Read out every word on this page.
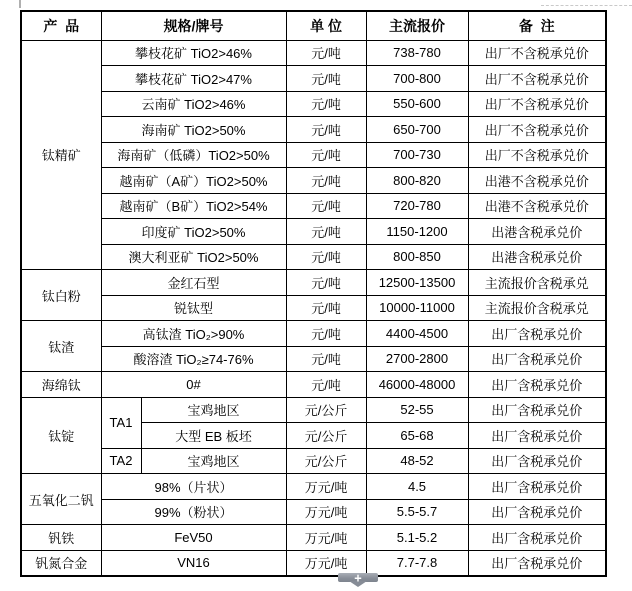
产  品	规格/牌号		单 位	主流报价	备  注
钛精矿	攀枝花矿 TiO2>46%		元/吨	738-780	出厂不含税承兑价
	攀枝花矿 TiO2>47%		元/吨	700-800	出厂不含税承兑价
	云南矿 TiO2>46%		元/吨	550-600	出厂不含税承兑价
	海南矿 TiO2>50%		元/吨	650-700	出厂不含税承兑价
	海南矿（低磷）TiO2>50%		元/吨	700-730	出厂不含税承兑价
	越南矿（A矿）TiO2>50%		元/吨	800-820	出港不含税承兑价
	越南矿（B矿）TiO2>54%		元/吨	720-780	出港不含税承兑价
	印度矿 TiO2>50%		元/吨	1150-1200	出港含税承兑价
	澳大利亚矿 TiO2>50%		元/吨	800-850	出港含税承兑价
钛白粉	金红石型		元/吨	12500-13500	主流报价含税承兑
	锐钛型		元/吨	10000-11000	主流报价含税承兑
钛渣	高钛渣 TiO₂>90%		元/吨	4400-4500	出厂含税承兑价
	酸溶渣 TiO₂≥74-76%		元/吨	2700-2800	出厂含税承兑价
海绵钛	0#		元/吨	46000-48000	出厂含税承兑价
钛锭	TA1	宝鸡地区	元/公斤	52-55	出厂含税承兑价
		大型 EB 板坯	元/公斤	65-68	出厂含税承兑价
	TA2	宝鸡地区	元/公斤	48-52	出厂含税承兑价
五氧化二钒	98%（片状）		万元/吨	4.5	出厂含税承兑价
	99%（粉状）		万元/吨	5.5-5.7	出厂含税承兑价
钒铁	FeV50		万元/吨	5.1-5.2	出厂含税承兑价
钒氮合金	VN16		万元/吨	7.7-7.8	出厂含税承兑价
+
